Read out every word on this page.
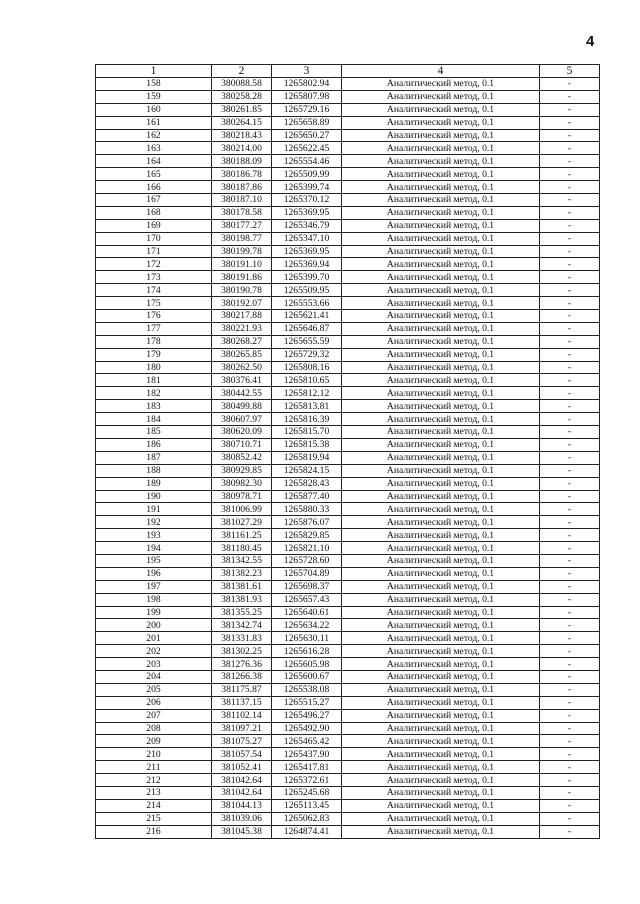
4
1	2	3	4	5
158	380088.58	1265802.94	Аналитический метод, 0.1	-
159	380258.28	1265807.98	Аналитический метод, 0.1	-
160	380261.85	1265729.16	Аналитический метод, 0.1	-
161	380264.15	1265658.89	Аналитический метод, 0.1	-
162	380218.43	1265650.27	Аналитический метод, 0.1	-
163	380214.00	1265622.45	Аналитический метод, 0.1	-
164	380188.09	1265554.46	Аналитический метод, 0.1	-
165	380186.78	1265509.99	Аналитический метод, 0.1	-
166	380187.86	1265399.74	Аналитический метод, 0.1	-
167	380187.10	1265370.12	Аналитический метод, 0.1	-
168	380178.58	1265369.95	Аналитический метод, 0.1	-
169	380177.27	1265346.79	Аналитический метод, 0.1	-
170	380198.77	1265347.10	Аналитический метод, 0.1	-
171	380199.78	1265369.95	Аналитический метод, 0.1	-
172	380191.10	1265369.94	Аналитический метод, 0.1	-
173	380191.86	1265399.70	Аналитический метод, 0.1	-
174	380190.78	1265509.95	Аналитический метод, 0.1	-
175	380192.07	1265553.66	Аналитический метод, 0.1	-
176	380217.88	1265621.41	Аналитический метод, 0.1	-
177	380221.93	1265646.87	Аналитический метод, 0.1	-
178	380268.27	1265655.59	Аналитический метод, 0.1	-
179	380265.85	1265729.32	Аналитический метод, 0.1	-
180	380262.50	1265808.16	Аналитический метод, 0.1	-
181	380376.41	1265810.65	Аналитический метод, 0.1	-
182	380442.55	1265812.12	Аналитический метод, 0.1	-
183	380499.88	1265813.81	Аналитический метод, 0.1	-
184	380607.97	1265816.39	Аналитический метод, 0.1	-
185	380620.09	1265815.70	Аналитический метод, 0.1	-
186	380710.71	1265815.38	Аналитический метод, 0.1	-
187	380852.42	1265819.94	Аналитический метод, 0.1	-
188	380929.85	1265824.15	Аналитический метод, 0.1	-
189	380982.30	1265828.43	Аналитический метод, 0.1	-
190	380978.71	1265877.40	Аналитический метод, 0.1	-
191	381006.99	1265880.33	Аналитический метод, 0.1	-
192	381027.29	1265876.07	Аналитический метод, 0.1	-
193	381161.25	1265829.85	Аналитический метод, 0.1	-
194	381180.45	1265821.10	Аналитический метод, 0.1	-
195	381342.55	1265728.60	Аналитический метод, 0.1	-
196	381382.23	1265704.89	Аналитический метод, 0.1	-
197	381381.61	1265698.37	Аналитический метод, 0.1	-
198	381381.93	1265657.43	Аналитический метод, 0.1	-
199	381355.25	1265640.61	Аналитический метод, 0.1	-
200	381342.74	1265634.22	Аналитический метод, 0.1	-
201	381331.83	1265630.11	Аналитический метод, 0.1	-
202	381302.25	1265616.28	Аналитический метод, 0.1	-
203	381276.36	1265605.98	Аналитический метод, 0.1	-
204	381266.38	1265600.67	Аналитический метод, 0.1	-
205	381175.87	1265538.08	Аналитический метод, 0.1	-
206	381137.15	1265515.27	Аналитический метод, 0.1	-
207	381102.14	1265496.27	Аналитический метод, 0.1	-
208	381097.21	1265492.90	Аналитический метод, 0.1	-
209	381075.27	1265465.42	Аналитический метод, 0.1	-
210	381057.54	1265437.90	Аналитический метод, 0.1	-
211	381052.41	1265417.81	Аналитический метод, 0.1	-
212	381042.64	1265372.61	Аналитический метод, 0.1	-
213	381042.64	1265245.68	Аналитический метод, 0.1	-
214	381044.13	1265113.45	Аналитический метод, 0.1	-
215	381039.06	1265062.83	Аналитический метод, 0.1	-
216	381045.38	1264874.41	Аналитический метод, 0.1	-
